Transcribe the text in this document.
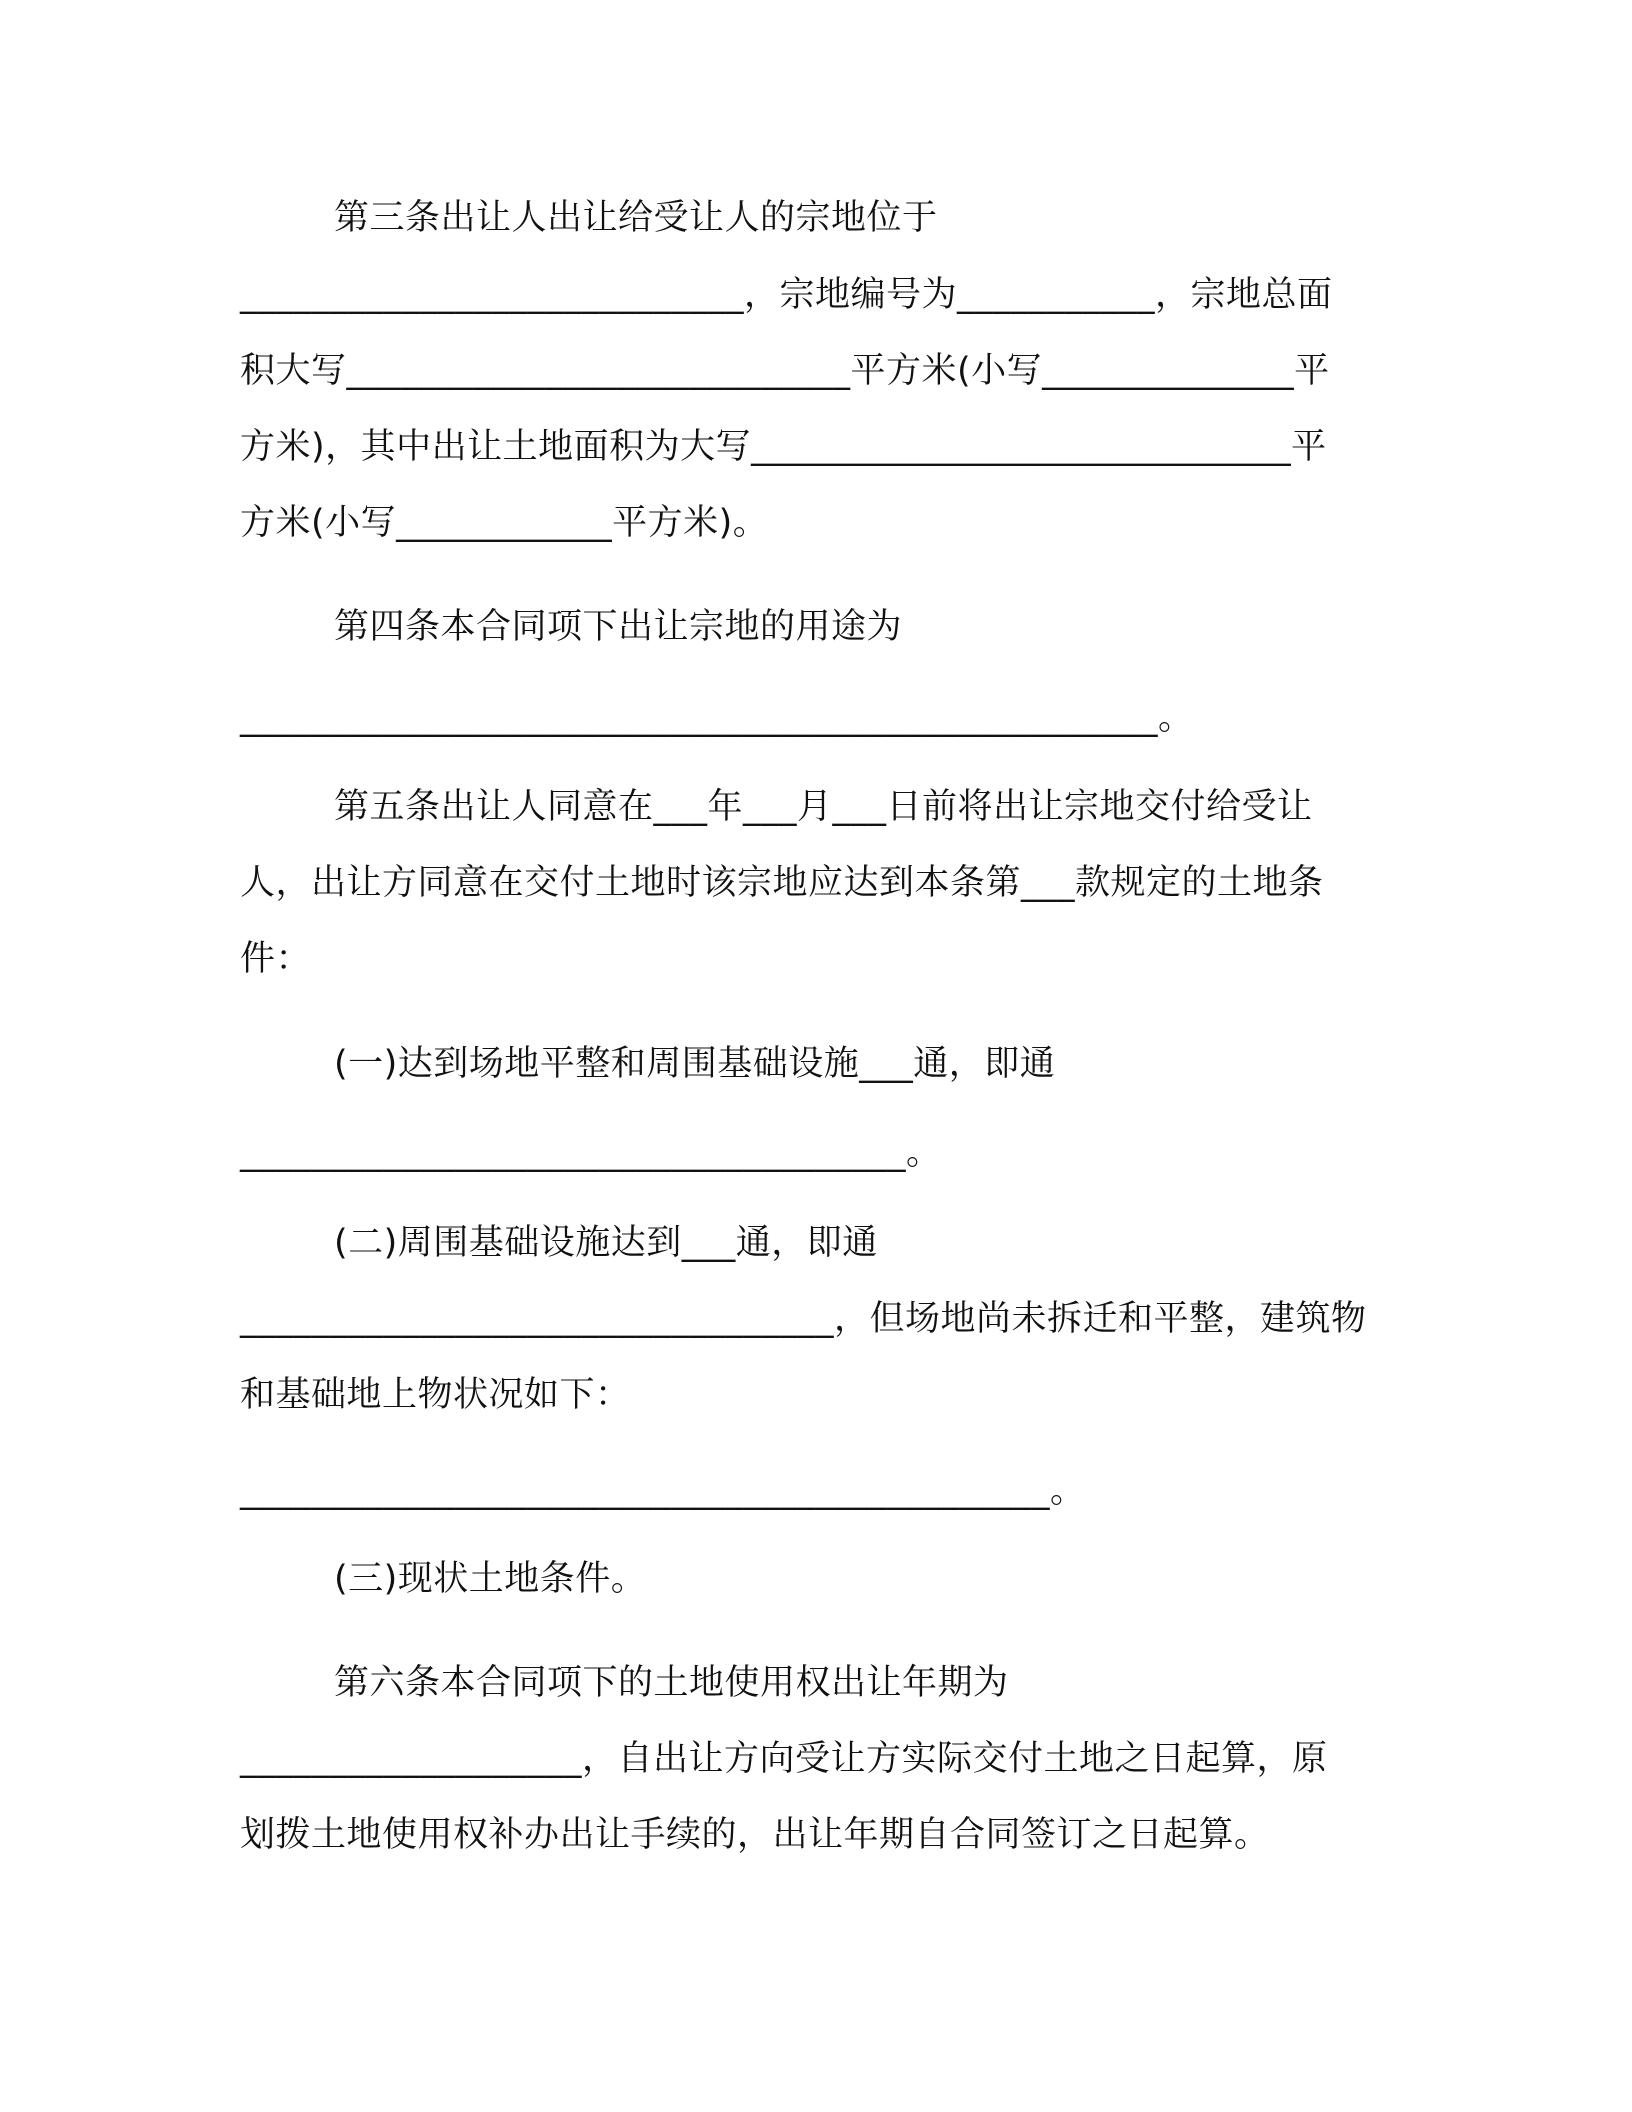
第三条出让人出让给受让人的宗地位于
____________________________，宗地编号为___________，宗地总面
积大写____________________________平方米(小写______________平
方米)，其中出让土地面积为大写______________________________平
方米(小写____________平方米)。
第四条本合同项下出让宗地的用途为
___________________________________________________。
第五条出让人同意在___年___月___日前将出让宗地交付给受让
人，出让方同意在交付土地时该宗地应达到本条第___款规定的土地条
件：
(一)达到场地平整和周围基础设施___通，即通
_____________________________________。
(二)周围基础设施达到___通，即通
_________________________________，但场地尚未拆迁和平整，建筑物
和基础地上物状况如下：
_____________________________________________。
(三)现状土地条件。
第六条本合同项下的土地使用权出让年期为
___________________，自出让方向受让方实际交付土地之日起算，原
划拨土地使用权补办出让手续的，出让年期自合同签订之日起算。
